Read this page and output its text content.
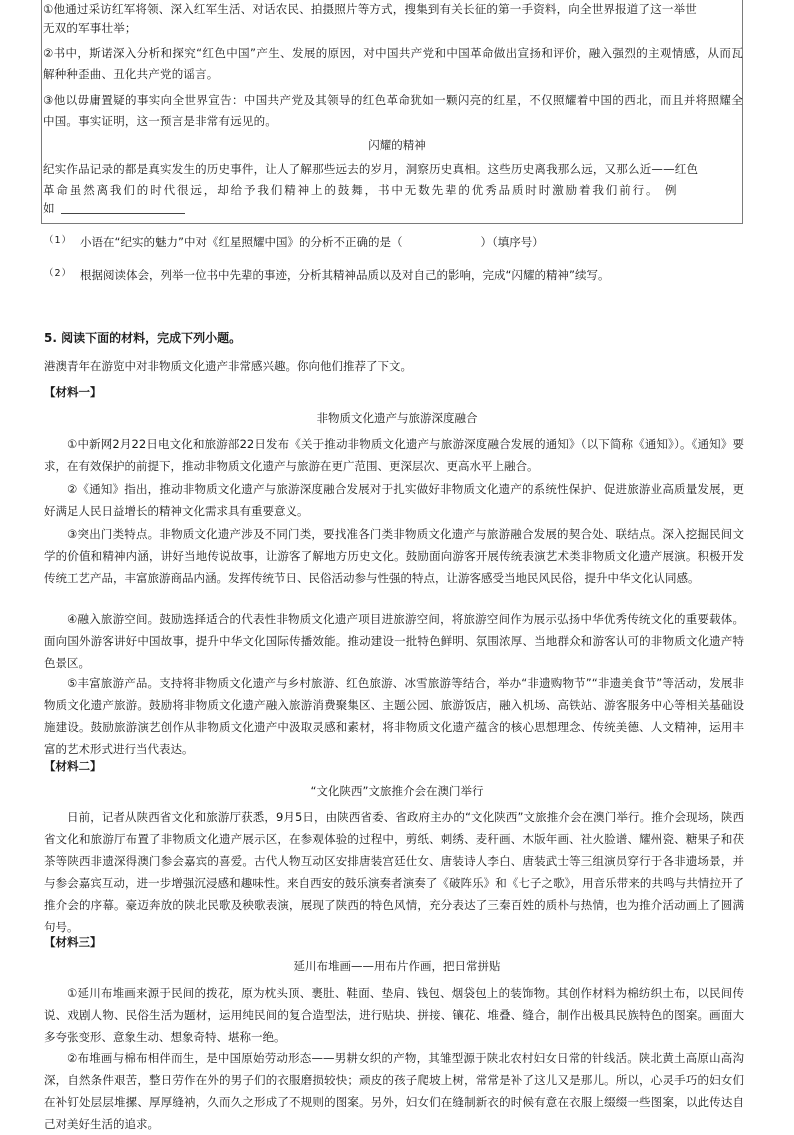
①他通过采访红军将领、深入红军生活、对话农民、拍摄照片等方式，搜集到有关长征的第一手资料，向全世界报道了这一举世
无双的军事壮举；

②书中，斯诺深入分析和探究“红色中国”产生、发展的原因，对中国共产党和中国革命做出宣扬和评价，融入强烈的主观情感，从而瓦解种种歪曲、丑化共产党的谣言。

③他以毋庸置疑的事实向全世界宣告：中国共产党及其领导的红色革命犹如一颗闪亮的红星，不仅照耀着中国的西北，而且并将照耀全中国。事实证明，这一预言是非常有远见的。

闪耀的精神
纪实作品记录的都是真实发生的历史事件，让人了解那些远去的岁月，洞察历史真相。这些历史离我那么远，又那么近——红色
革命虽然离我们的时代很远，却给予我们精神上的鼓舞，书中无数先辈的优秀品质时时激励着我们前行。 例
如
$^{(1)}$ 小语在“纪实的魅力”中对《红星照耀中国》的分析不正确的是（	）（填序号）
$^{(2)}$ 根据阅读体会，列举一位书中先辈的事迹，分析其精神品质以及对自己的影响，完成“闪耀的精神”续写。
5. 阅读下面的材料，完成下列小题。
港澳青年在游览中对非物质文化遗产非常感兴趣。你向他们推荐了下文。
【材料一】
非物质文化遗产与旅游深度融合

①中新网2月22日电文化和旅游部22日发布《关于推动非物质文化遗产与旅游深度融合发展的通知》（以下简称《通知》）。《通知》要求，在有效保护的前提下，推动非物质文化遗产与旅游在更广范围、更深层次、更高水平上融合。

②《通知》指出，推动非物质文化遗产与旅游深度融合发展对于扎实做好非物质文化遗产的系统性保护、促进旅游业高质量发展，更好满足人民日益增长的精神文化需求具有重要意义。

③突出门类特点。非物质文化遗产涉及不同门类，要找准各门类非物质文化遗产与旅游融合发展的契合处、联结点。深入挖掘民间文学的价值和精神内涵，讲好当地传说故事，让游客了解地方历史文化。鼓励面向游客开展传统表演艺术类非物质文化遗产展演。积极开发传统工艺产品，丰富旅游商品内涵。发挥传统节日、民俗活动参与性强的特点，让游客感受当地民风民俗，提升中华文化认同感。

④融入旅游空间。鼓励选择适合的代表性非物质文化遗产项目进旅游空间，将旅游空间作为展示弘扬中华优秀传统文化的重要载体。面向国外游客讲好中国故事，提升中华文化国际传播效能。推动建设一批特色鲜明、氛围浓厚、当地群众和游客认可的非物质文化遗产特色景区。

⑤丰富旅游产品。支持将非物质文化遗产与乡村旅游、红色旅游、冰雪旅游等结合，举办“非遗购物节”“非遗美食节”等活动，发展非物质文化遗产旅游。鼓励将非物质文化遗产融入旅游消费聚集区、主题公园、旅游饭店，融入机场、高铁站、游客服务中心等相关基础设施建设。鼓励旅游演艺创作从非物质文化遗产中汲取灵感和素材，将非物质文化遗产蕴含的核心思想理念、传统美德、人文精神，运用丰富的艺术形式进行当代表达。

【材料二】
“文化陕西”文旅推介会在澳门举行

日前，记者从陕西省文化和旅游厅获悉，9月5日，由陕西省委、省政府主办的“文化陕西”文旅推介会在澳门举行。推介会现场，陕西省文化和旅游厅布置了非物质文化遗产展示区，在参观体验的过程中，剪纸、刺绣、麦秆画、木版年画、社火脸谱、耀州瓷、糖果子和茯茶等陕西非遗深得澳门参会嘉宾的喜爱。古代人物互动区安排唐装宫廷仕女、唐装诗人李白、唐装武士等三组演员穿行于各非遗场景，并与参会嘉宾互动，进一步增强沉浸感和趣味性。来自西安的鼓乐演奏者演奏了《破阵乐》和《七子之歌》，用音乐带来的共鸣与共情拉开了推介会的序幕。豪迈奔放的陕北民歌及秧歌表演，展现了陕西的特色风情，充分表达了三秦百姓的质朴与热情，也为推介活动画上了圆满句号。

【材料三】
延川布堆画——用布片作画，把日常拼贴

①延川布堆画来源于民间的拨花，原为枕头顶、裹肚、鞋面、垫肩、钱包、烟袋包上的装饰物。其创作材料为棉纺织土布，以民间传说、戏剧人物、民俗生活为题材，运用纯民间的复合造型法，进行贴块、拼接、镶花、堆叠、缝合，制作出极具民族特色的图案。画面大多夸张变形、意象生动、想象奇特、堪称一绝。

②布堆画与棉布相伴而生，是中国原始劳动形态——男耕女织的产物，其雏型源于陕北农村妇女日常的针线活。陕北黄土高原山高沟深，自然条件艰苦，整日劳作在外的男子们的衣服磨损较快；顽皮的孩子爬坡上树，常常是补了这儿又是那儿。所以，心灵手巧的妇女们在补钉处层层堆摞、厚厚缝衲，久而久之形成了不规则的图案。另外，妇女们在缝制新衣的时候有意在衣服上缀缀一些图案，以此传达自己对美好生活的追求。
